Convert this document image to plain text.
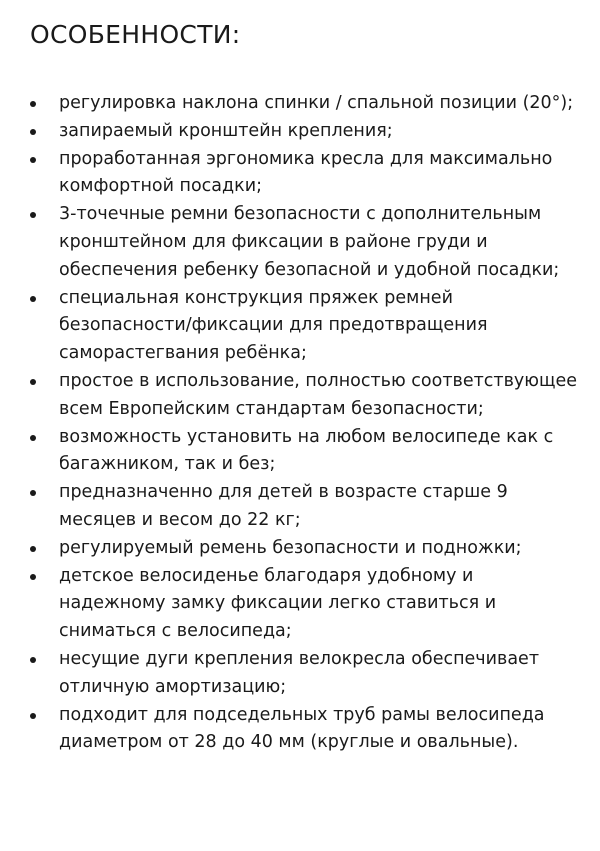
ОСОБЕННОСТИ:
регулировка наклона спинки / спальной позиции (20°);
запираемый кронштейн крепления;
проработанная эргономика кресла для максимально комфортной посадки;
3-точечные ремни безопасности с дополнительным кронштейном для фиксации в районе груди и обеспечения ребенку безопасной и удобной посадки;
специальная конструкция пряжек ремней безопасности/фиксации для предотвращения саморастегвания ребёнка;
простое в использование, полностью соответствующее всем Европейским стандартам безопасности;
возможность установить на любом велосипеде как с багажником, так и без;
предназначенно для детей в возрасте старше 9 месяцев и весом до 22 кг;
регулируемый ремень безопасности и подножки;
детское велосиденье благодаря удобному и надежному замку фиксации легко ставиться и сниматься с велосипеда;
несущие дуги крепления велокресла обеспечивает отличную амортизацию;
подходит для подседельных труб рамы велосипеда диаметром от 28 до 40 мм (круглые и овальные).
